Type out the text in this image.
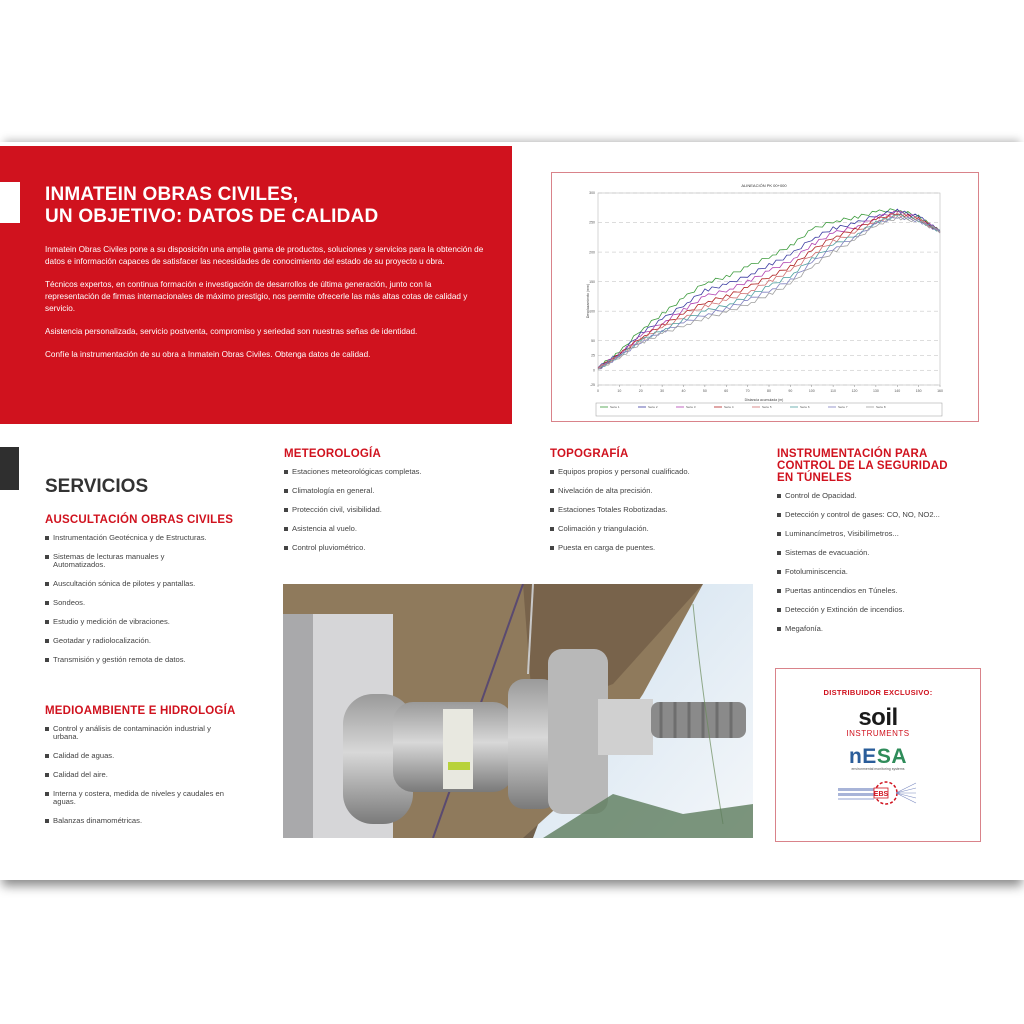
INMATEIN OBRAS CIVILES,
UN OBJETIVO: DATOS DE CALIDAD

Inmatein Obras Civiles pone a su disposición una amplia gama de productos, soluciones y servicios para la obtención de datos e información capaces de satisfacer las necesidades de conocimiento del estado de su proyecto u obra.

Técnicos expertos, en continua formación e investigación de desarrollos de última generación, junto con la representación de firmas internacionales de máximo prestigio, nos permite ofrecerle las más altas cotas de calidad y servicio.

Asistencia personalizada, servicio postventa, compromiso y seriedad son nuestras señas de identidad.

Confíe la instrumentación de su obra a Inmatein Obras Civiles. Obtenga datos de calidad.

ALINEACIÓN PK 00+000
Desplazamiento (mm)
Distancia acumulada (m)
-25
0
25
50
100
150
200
250
300
0	10	20	30	40	50	60	70	80	90	100	110	120	130	140	150	160
Serie 1	Serie 2	Serie 3	Serie 4	Serie 5	Serie 6	Serie 7	Serie 8
SERVICIOS
AUSCULTACIÓN OBRAS CIVILES
Instrumentación Geotécnica y de Estructuras.
Sistemas de lecturas manuales y Automatizados.
Auscultación sónica de pilotes y pantallas.
Sondeos.
Estudio y medición de vibraciones.
Geotadar y radiolocalización.
Transmisión y gestión remota de datos.
MEDIOAMBIENTE E HIDROLOGÍA
Control y análisis de contaminación industrial y urbana.
Calidad de aguas.
Calidad del aire.
Interna y costera, medida de niveles y caudales en aguas.
Balanzas dinamométricas.
METEOROLOGÍA
Estaciones meteorológicas completas.
Climatología en general.
Protección civil, visibilidad.
Asistencia al vuelo.
Control pluviométrico.
TOPOGRAFÍA
Equipos propios y personal cualificado.
Nivelación de alta precisión.
Estaciones Totales Robotizadas.
Colimación y triangulación.
Puesta en carga de puentes.
INSTRUMENTACIÓN PARA
CONTROL DE LA SEGURIDAD
EN TÚNELES
Control de Opacidad.
Detección y control de gases: CO, NO, NO2...
Luminancímetros, Visibilímetros...
Sistemas de evacuación.
Fotoluminiscencia.
Puertas antincendios en Túneles.
Detección y Extinción de incendios.
Megafonía.
DISTRIBUIDOR EXCLUSIVO:
soil
INSTRUMENTS
nESA
environmental monitoring systems
EBS
